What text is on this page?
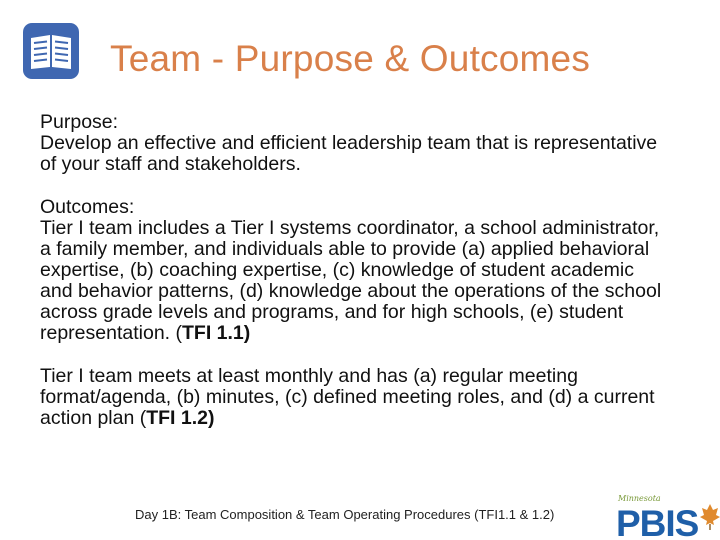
Team - Purpose & Outcomes

Purpose:
Develop an effective and efficient leadership team that is representative of your staff and stakeholders.

Outcomes:
Tier I team includes a Tier I systems coordinator, a school administrator, a family member, and individuals able to provide (a) applied behavioral expertise, (b) coaching expertise, (c) knowledge of student academic and behavior patterns, (d) knowledge about the operations of the school across grade levels and programs, and for high schools, (e) student representation. (TFI 1.1)

Tier I team meets at least monthly and has (a) regular meeting format/agenda, (b) minutes, (c) defined meeting roles, and (d) a current action plan (TFI 1.2)

Day 1B: Team Composition & Team Operating Procedures (TFI1.1 & 1.2)
Minnesota
PBIS
